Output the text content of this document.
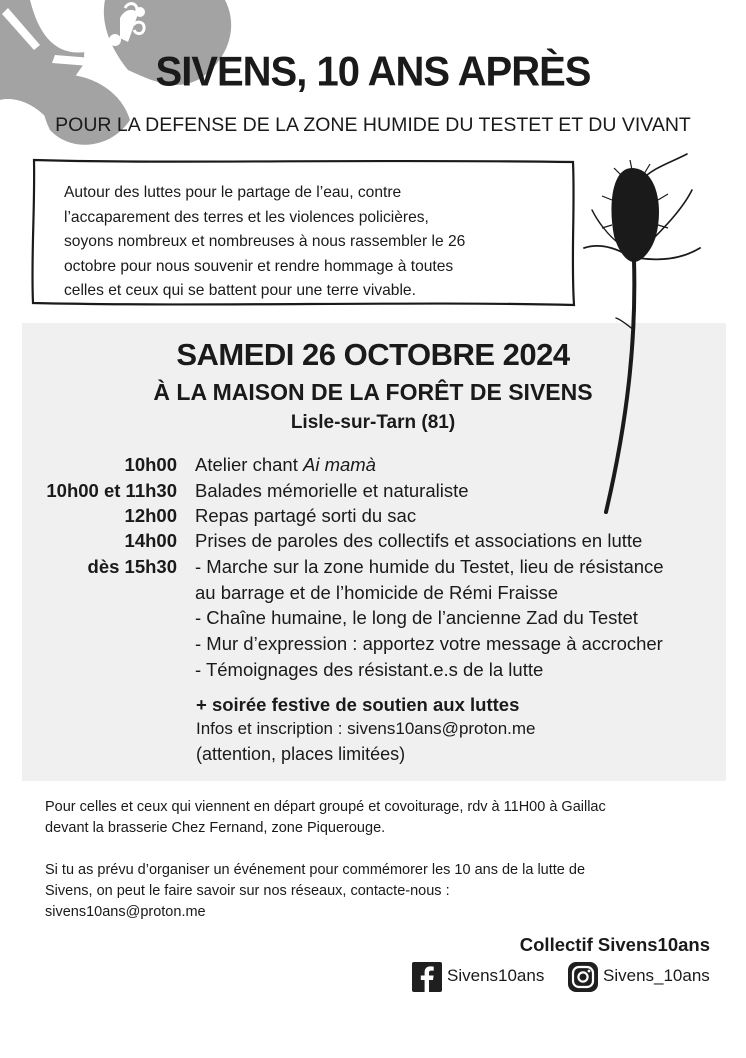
SIVENS, 10 ANS APRÈS
POUR LA DEFENSE DE LA ZONE HUMIDE DU TESTET ET DU VIVANT
Autour des luttes pour le partage de l’eau, contre
l’accaparement des terres et les violences policières,
soyons nombreux et nombreuses à nous rassembler le 26
octobre pour nous souvenir et rendre hommage à toutes
celles et ceux qui se battent pour une terre vivable.
SAMEDI 26 OCTOBRE 2024
À LA MAISON DE LA FORÊT DE SIVENS
Lisle-sur-Tarn (81)
10h00 Atelier chant Ai mamà
10h00 et 11h30 Balades mémorielle et naturaliste
12h00 Repas partagé sorti du sac
14h00 Prises de paroles des collectifs et associations en lutte
dès 15h30 - Marche sur la zone humide du Testet, lieu de résistance
au barrage et de l’homicide de Rémi Fraisse
- Chaîne humaine, le long de l’ancienne Zad du Testet
- Mur d’expression : apportez votre message à accrocher
- Témoignages des résistant.e.s de la lutte
+ soirée festive de soutien aux luttes
Infos et inscription : sivens10ans@proton.me
(attention, places limitées)
Pour celles et ceux qui viennent en départ groupé et covoiturage, rdv à 11H00 à Gaillac
devant la brasserie Chez Fernand, zone Piquerouge.
Si tu as prévu d’organiser un événement pour commémorer les 10 ans de la lutte de
Sivens, on peut le faire savoir sur nos réseaux, contacte-nous :
sivens10ans@proton.me
Collectif Sivens10ans
Sivens10ans	Sivens_10ans
